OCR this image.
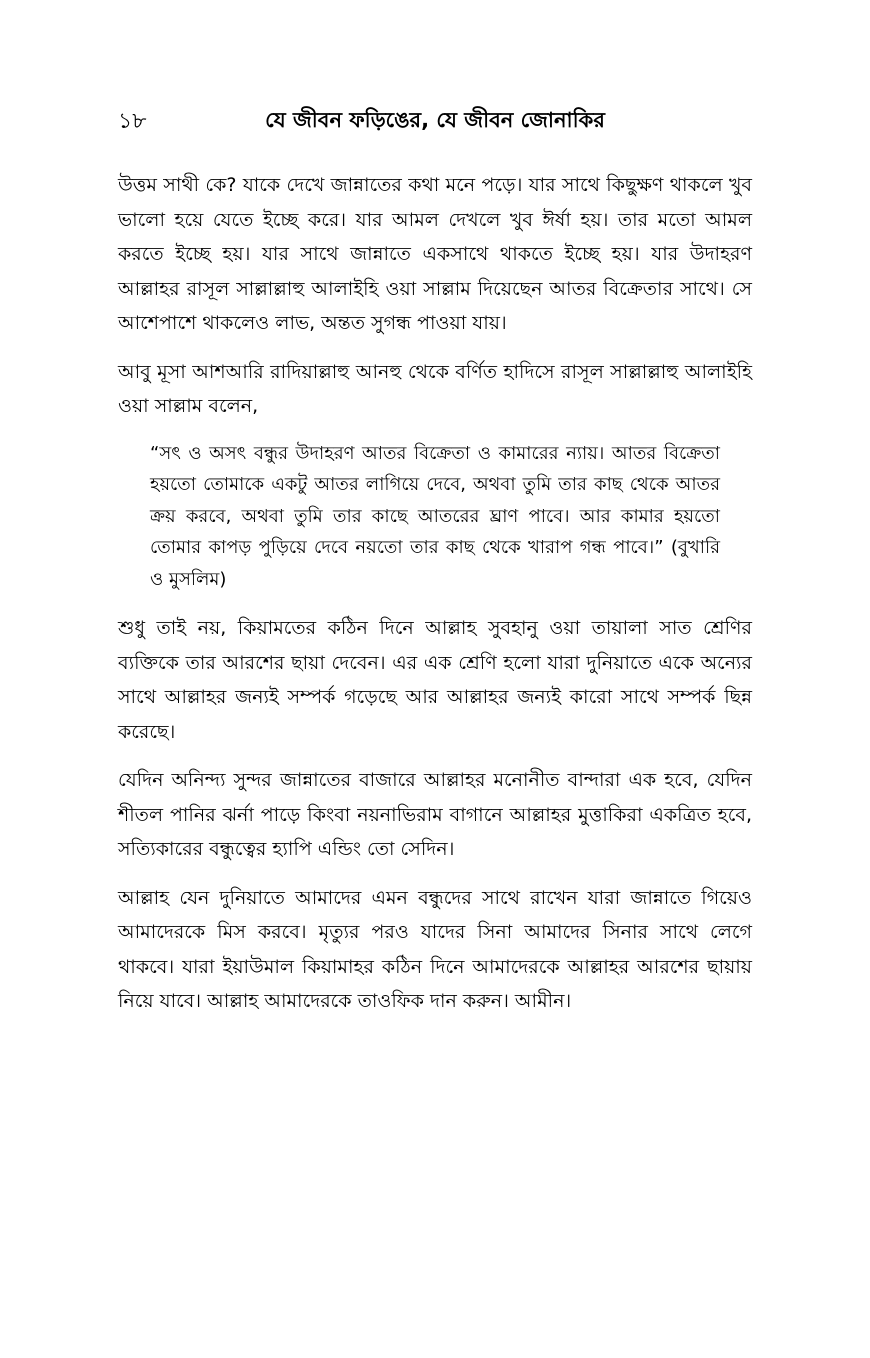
১৮	যে জীবন ফড়িঙের, যে জীবন জোনাকির

উত্তম সাথী কে? যাকে দেখে জান্নাতের কথা মনে পড়ে। যার সাথে কিছুক্ষণ থাকলে খুব ভালো হয়ে যেতে ইচ্ছে করে। যার আমল দেখলে খুব ঈর্ষা হয়। তার মতো আমল করতে ইচ্ছে হয়। যার সাথে জান্নাতে একসাথে থাকতে ইচ্ছে হয়। যার উদাহরণ আল্লাহর রাসূল সাল্লাল্লাহু আলাইহি ওয়া সাল্লাম দিয়েছেন আতর বিক্রেতার সাথে। সে আশেপাশে থাকলেও লাভ, অন্তত সুগন্ধ পাওয়া যায়।

আবু মূসা আশআরি রাদিয়াল্লাহু আনহু থেকে বর্ণিত হাদিসে রাসূল সাল্লাল্লাহু আলাইহি ওয়া সাল্লাম বলেন,

“সৎ ও অসৎ বন্ধুর উদাহরণ আতর বিক্রেতা ও কামারের ন্যায়। আতর বিক্রেতা হয়তো তোমাকে একটু আতর লাগিয়ে দেবে, অথবা তুমি তার কাছ থেকে আতর ক্রয় করবে, অথবা তুমি তার কাছে আতরের ঘ্রাণ পাবে। আর কামার হয়তো তোমার কাপড় পুড়িয়ে দেবে নয়তো তার কাছ থেকে খারাপ গন্ধ পাবে।” (বুখারি ও মুসলিম)

শুধু তাই নয়, কিয়ামতের কঠিন দিনে আল্লাহ সুবহানু ওয়া তায়ালা সাত শ্রেণির ব্যক্তিকে তার আরশের ছায়া দেবেন। এর এক শ্রেণি হলো যারা দুনিয়াতে একে অন্যের সাথে আল্লাহর জন্যই সম্পর্ক গড়েছে আর আল্লাহর জন্যই কারো সাথে সম্পর্ক ছিন্ন করেছে।

যেদিন অনিন্দ্য সুন্দর জান্নাতের বাজারে আল্লাহর মনোনীত বান্দারা এক হবে, যেদিন শীতল পানির ঝর্না পাড়ে কিংবা নয়নাভিরাম বাগানে আল্লাহর মুত্তাকিরা একত্রিত হবে, সত্যিকারের বন্ধুত্বের হ্যাপি এন্ডিং তো সেদিন।

আল্লাহ যেন দুনিয়াতে আমাদের এমন বন্ধুদের সাথে রাখেন যারা জান্নাতে গিয়েও আমাদেরকে মিস করবে। মৃত্যুর পরও যাদের সিনা আমাদের সিনার সাথে লেগে থাকবে। যারা ইয়াউমাল কিয়ামাহর কঠিন দিনে আমাদেরকে আল্লাহর আরশের ছায়ায় নিয়ে যাবে। আল্লাহ আমাদেরকে তাওফিক দান করুন। আমীন।
